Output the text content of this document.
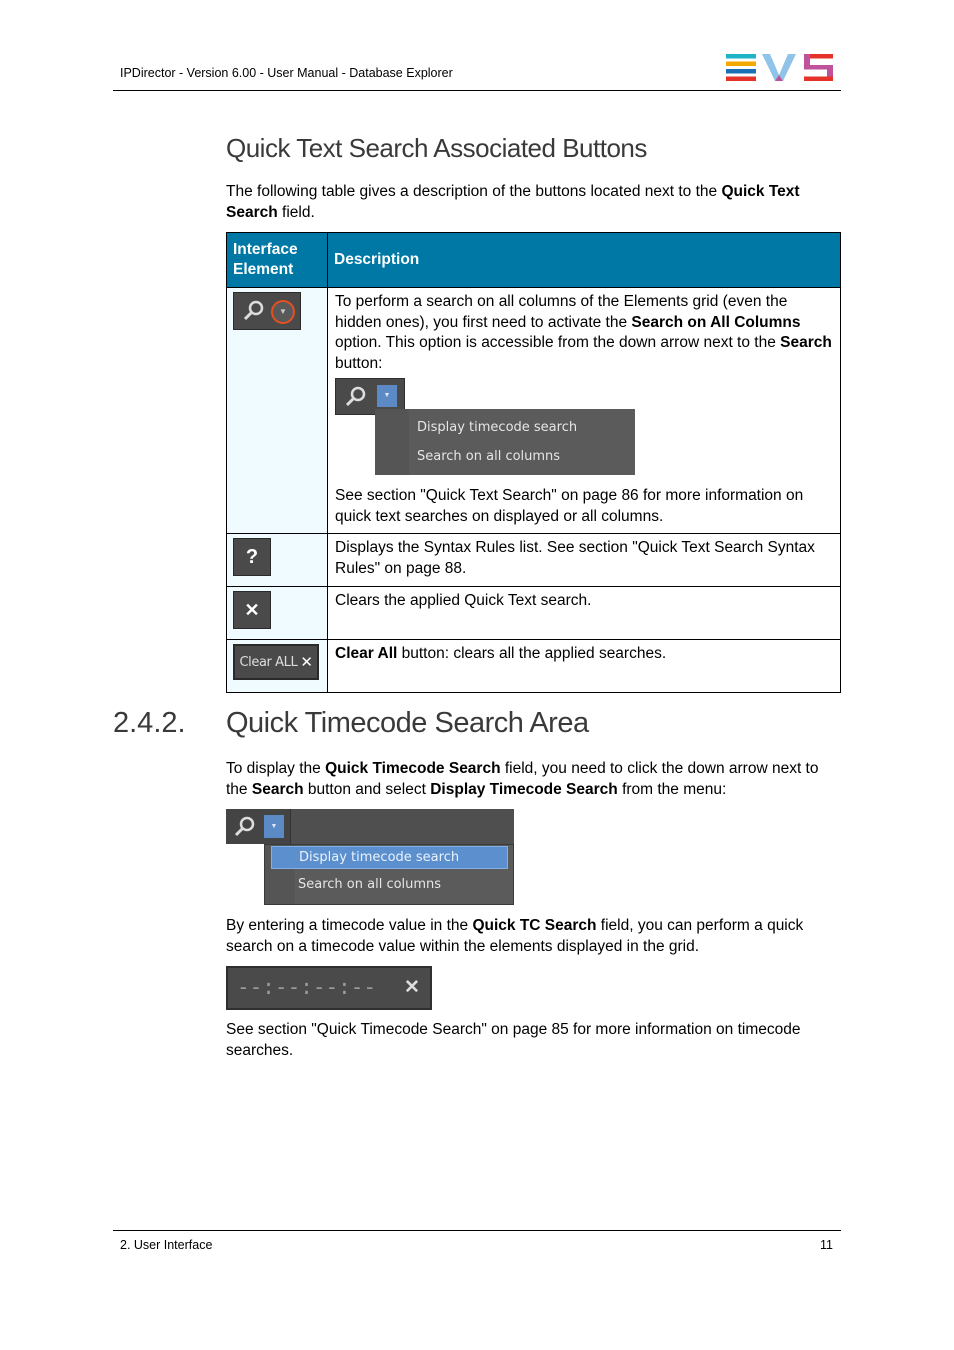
IPDirector - Version 6.00 - User Manual - Database Explorer
Quick Text Search Associated Buttons
The following table gives a description of the buttons located next to the Quick Text Search field.
Interface Element	Description

▼	To perform a search on all columns of the Elements grid (even the hidden ones), you first need to activate the Search on All Columns option. This option is accessible from the down arrow next to the Search button:
▼
Display timecode search
Search on all columns
See section "Quick Text Search" on page 86 for more information on quick text searches on displayed or all columns.

?	Displays the Syntax Rules list. See section "Quick Text Search Syntax Rules" on page 88.

✕	Clears the applied Quick Text search.

Clear ALL ✕	Clear All button: clears all the applied searches.
2.4.2. Quick Timecode Search Area
To display the Quick Timecode Search field, you need to click the down arrow next to the Search button and select Display Timecode Search from the menu:
▼
Display timecode search
Search on all columns
By entering a timecode value in the Quick TC Search field, you can perform a quick search on a timecode value within the elements displayed in the grid.
--:--:--:-- ✕
See section "Quick Timecode Search" on page 85 for more information on timecode searches.
2. User Interface	11
